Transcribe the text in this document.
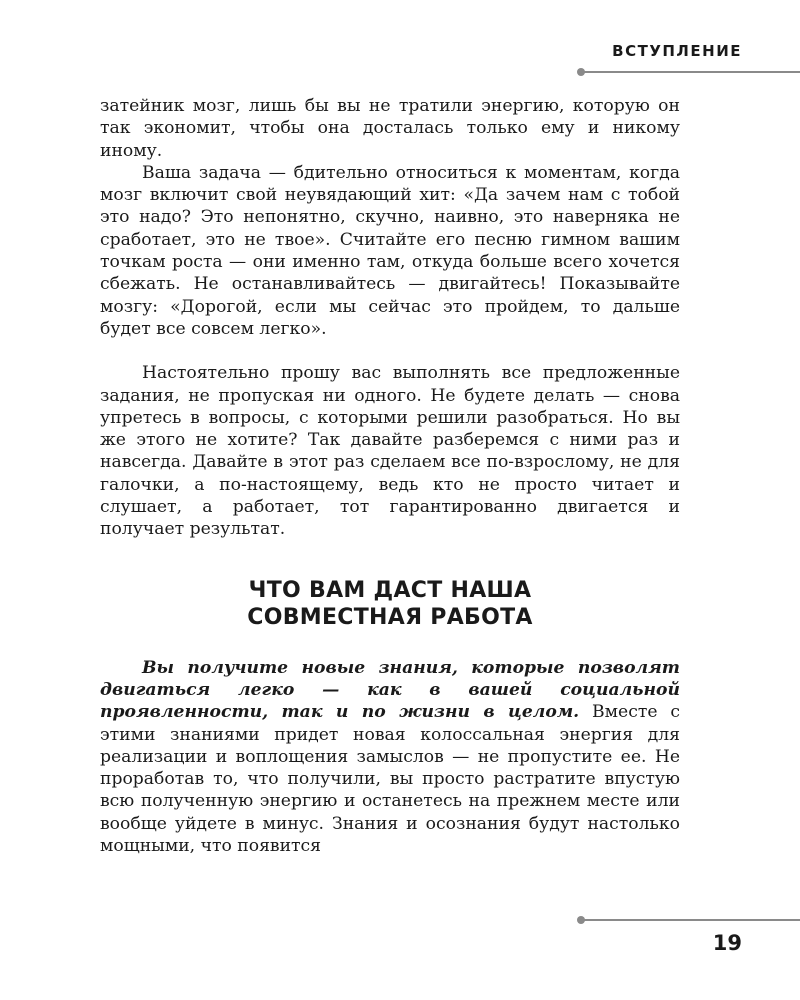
ВСТУПЛЕНИЕ

затейник мозг, лишь бы вы не тратили энергию, которую он так экономит, чтобы она досталась только ему и никому иному.

Ваша задача — бдительно относиться к моментам, когда мозг включит свой неувядающий хит: «Да зачем нам с тобой это надо? Это непонятно, скучно, наивно, это наверняка не сработает, это не твое». Считайте его песню гимном вашим точкам роста — они именно там, откуда больше всего хочется сбежать. Не останавливайтесь — двигайтесь! Показывайте мозгу: «Дорогой, если мы сейчас это пройдем, то дальше будет все совсем легко».

Настоятельно прошу вас выполнять все предложенные задания, не пропуская ни одного. Не будете делать — снова упретесь в вопросы, с которыми решили разобраться. Но вы же этого не хотите? Так давайте разберемся с ними раз и навсегда. Давайте в этот раз сделаем все по-взрослому, не для галочки, а по-настоящему, ведь кто не просто читает и слушает, а работает, тот гарантированно двигается и получает результат.

ЧТО ВАМ ДАСТ НАША
СОВМЕСТНАЯ РАБОТА

Вы получите новые знания, которые позволят двигаться легко — как в вашей социальной проявленности, так и по жизни в целом. Вместе с этими знаниями придет новая колоссальная энергия для реализации и воплощения замыслов — не пропустите ее. Не проработав то, что получили, вы просто растратите впустую всю полученную энергию и останетесь на прежнем месте или вообще уйдете в минус. Знания и осознания будут настолько мощными, что появится

19
